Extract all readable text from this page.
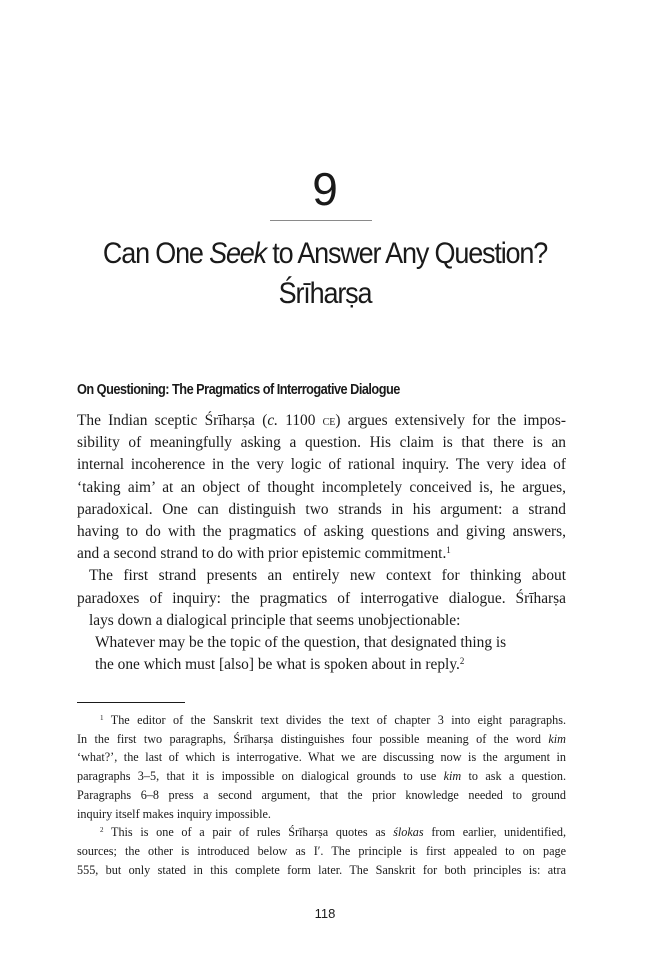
9
Can One Seek to Answer Any Question?
Śrīharṣa
On Questioning: The Pragmatics of Interrogative Dialogue

The Indian sceptic Śrīharṣa (c. 1100 ce) argues extensively for the impos-
sibility of meaningfully asking a question. His claim is that there is an
internal incoherence in the very logic of rational inquiry. The very idea of
‘taking aim’ at an object of thought incompletely conceived is, he argues,
paradoxical. One can distinguish two strands in his argument: a strand
having to do with the pragmatics of asking questions and giving answers,
and a second strand to do with prior epistemic commitment.$^1$

The first strand presents an entirely new context for thinking about
paradoxes of inquiry: the pragmatics of interrogative dialogue. Śrīharṣa
lays down a dialogical principle that seems unobjectionable:

Whatever may be the topic of the question, that designated thing is
the one which must [also] be what is spoken about in reply.$^2$
$^1$ The editor of the Sanskrit text divides the text of chapter 3 into eight paragraphs.
In the first two paragraphs, Śrīharṣa distinguishes four possible meaning of the word kim
‘what?’, the last of which is interrogative. What we are discussing now is the argument in
paragraphs 3–5, that it is impossible on dialogical grounds to use kim to ask a question.
Paragraphs 6–8 press a second argument, that the prior knowledge needed to ground
inquiry itself makes inquiry impossible.
$^2$ This is one of a pair of rules Śrīharṣa quotes as ślokas from earlier, unidentified,
sources; the other is introduced below as I′. The principle is first appealed to on page
555, but only stated in this complete form later. The Sanskrit for both principles is: atra
118
